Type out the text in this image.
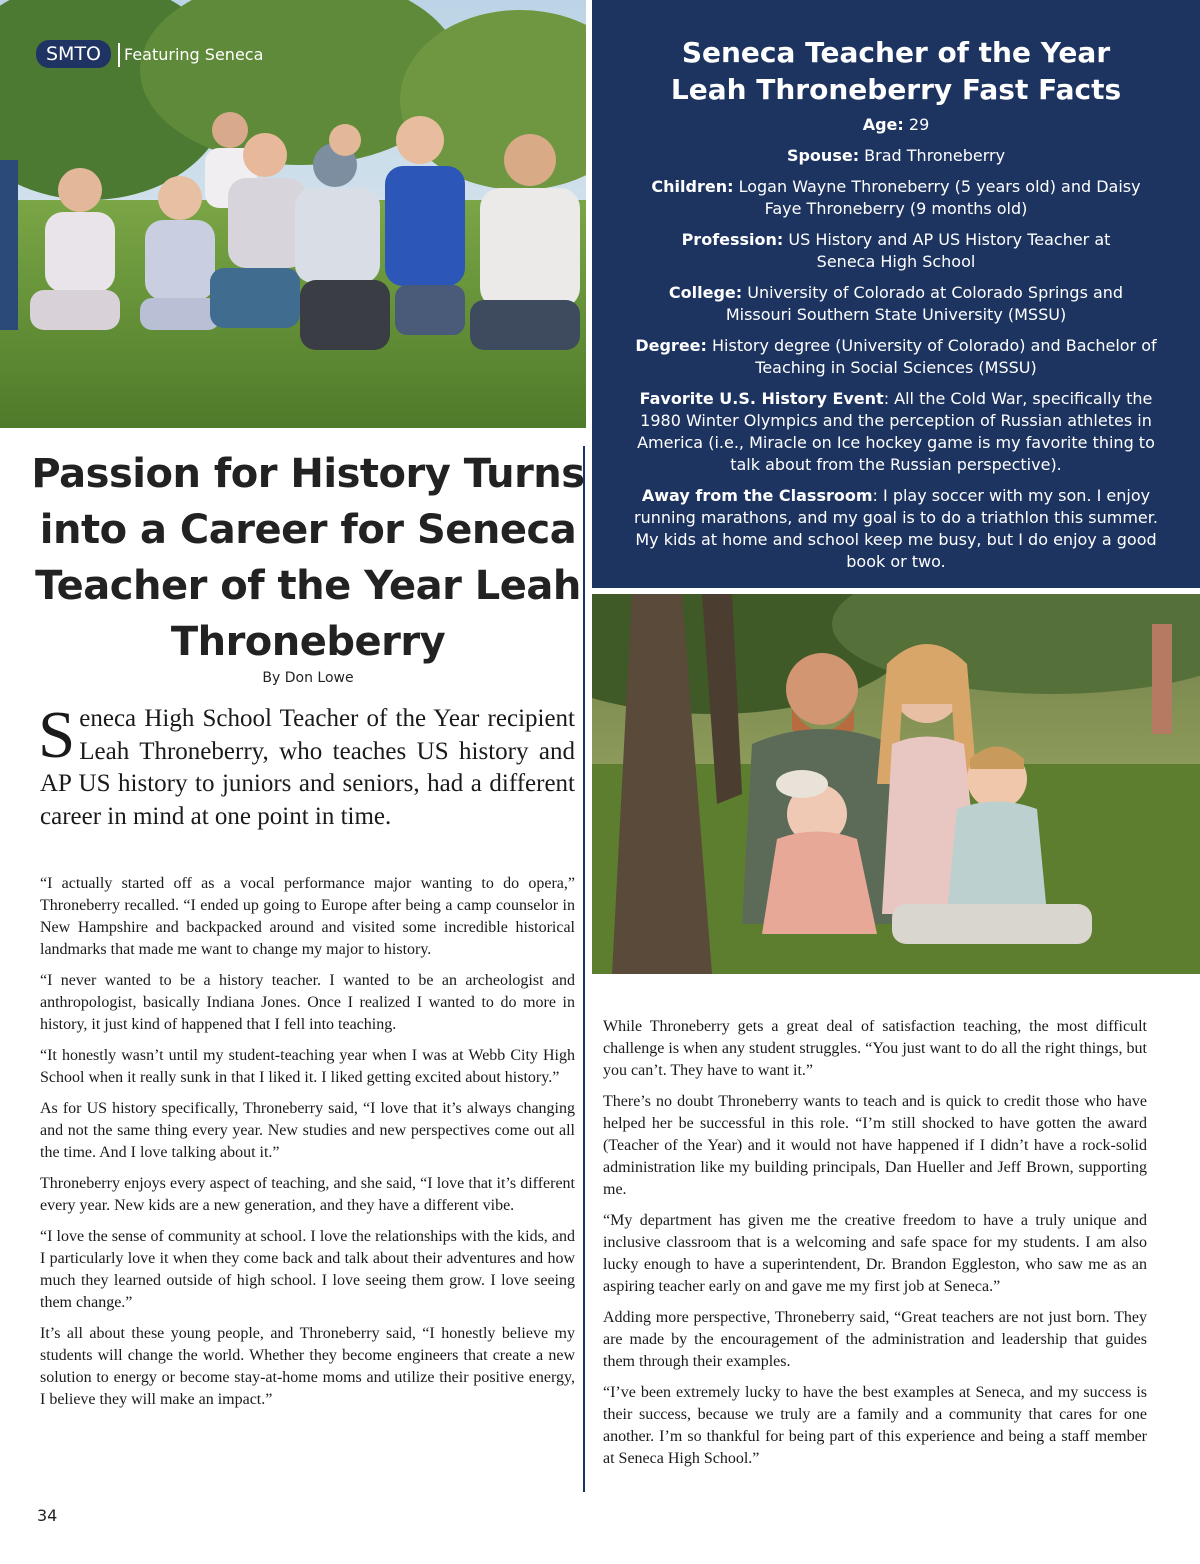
SMTO	Featuring Seneca	Seneca Teacher of the Year
Leah Throneberry Fast Facts
Age: 29
Spouse: Brad Throneberry
Children: Logan Wayne Throneberry (5 years old) and Daisy Faye Throneberry (9 months old)
Profession: US History and AP US History Teacher at Seneca High School
College: University of Colorado at Colorado Springs and Missouri Southern State University (MSSU)
Degree: History degree (University of Colorado) and Bachelor of Teaching in Social Sciences (MSSU)
Favorite U.S. History Event: All the Cold War, specifically the 1980 Winter Olympics and the perception of Russian athletes in America (i.e., Miracle on Ice hockey game is my favorite thing to talk about from the Russian perspective).
Away from the Classroom: I play soccer with my son. I enjoy running marathons, and my goal is to do a triathlon this summer. My kids at home and school keep me busy, but I do enjoy a good book or two.
Passion for History Turns into a Career for Seneca Teacher of the Year Leah Throneberry
By Don Lowe

Seneca High School Teacher of the Year recipient Leah Throneberry, who teaches US history and AP US history to juniors and seniors, had a different career in mind at one point in time.

“I actually started off as a vocal performance major wanting to do opera,” Throneberry recalled. “I ended up going to Europe after being a camp counselor in New Hampshire and backpacked around and visited some incredible historical landmarks that made me want to change my major to history.

“I never wanted to be a history teacher. I wanted to be an archeologist and anthropologist, basically Indiana Jones. Once I realized I wanted to do more in history, it just kind of happened that I fell into teaching.

“It honestly wasn’t until my student-teaching year when I was at Webb City High School when it really sunk in that I liked it. I liked getting excited about history.”

As for US history specifically, Throneberry said, “I love that it’s always changing and not the same thing every year. New studies and new perspectives come out all the time. And I love talking about it.”

Throneberry enjoys every aspect of teaching, and she said, “I love that it’s different every year. New kids are a new generation, and they have a different vibe.

“I love the sense of community at school. I love the relationships with the kids, and I particularly love it when they come back and talk about their adventures and how much they learned outside of high school. I love seeing them grow. I love seeing them change.”

It’s all about these young people, and Throneberry said, “I honestly believe my students will change the world. Whether they become engineers that create a new solution to energy or become stay-at-home moms and utilize their positive energy, I believe they will make an impact.”

While Throneberry gets a great deal of satisfaction teaching, the most difficult challenge is when any student struggles. “You just want to do all the right things, but you can’t. They have to want it.”

There’s no doubt Throneberry wants to teach and is quick to credit those who have helped her be successful in this role. “I’m still shocked to have gotten the award (Teacher of the Year) and it would not have happened if I didn’t have a rock-solid administration like my building principals, Dan Hueller and Jeff Brown, supporting me.

“My department has given me the creative freedom to have a truly unique and inclusive classroom that is a welcoming and safe space for my students. I am also lucky enough to have a superintendent, Dr. Brandon Eggleston, who saw me as an aspiring teacher early on and gave me my first job at Seneca.”

Adding more perspective, Throneberry said, “Great teachers are not just born. They are made by the encouragement of the administration and leadership that guides them through their examples.

“I’ve been extremely lucky to have the best examples at Seneca, and my success is their success, because we truly are a family and a community that cares for one another. I’m so thankful for being part of this experience and being a staff member at Seneca High School.”

34
